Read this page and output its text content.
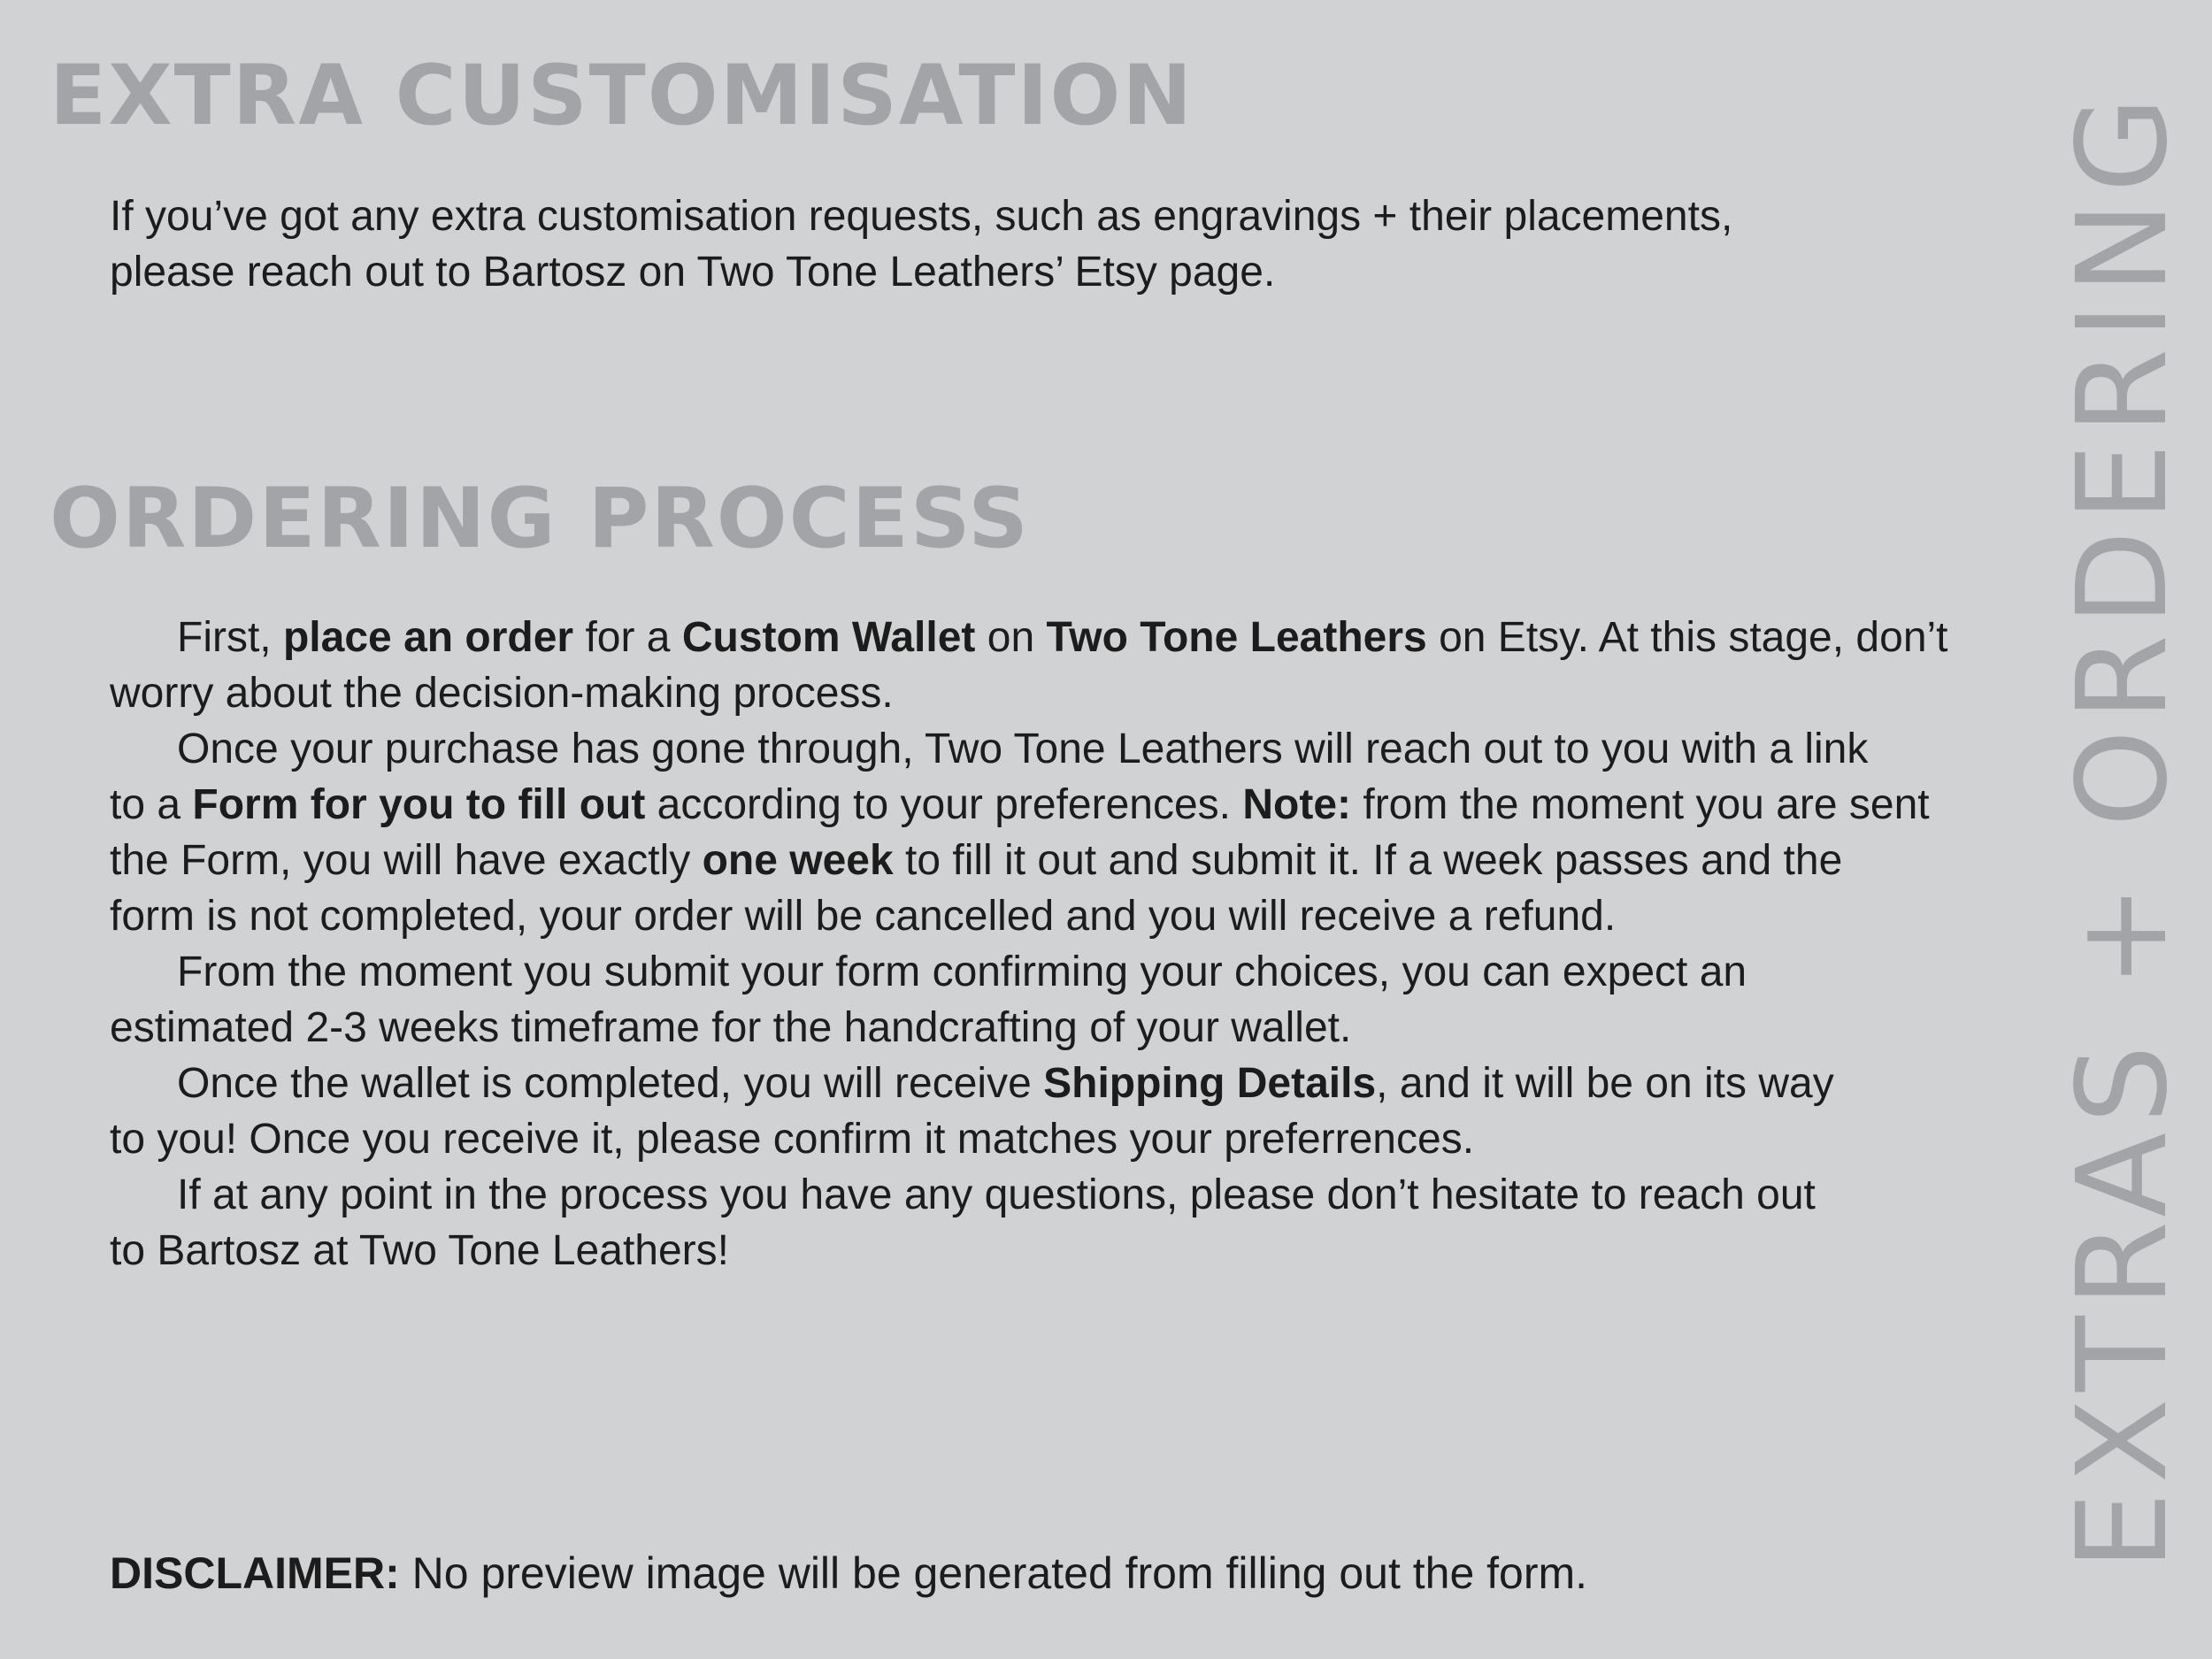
EXTRA CUSTOMISATION

If you’ve got any extra customisation requests, such as engravings + their placements,
please reach out to Bartosz on Two Tone Leathers’ Etsy page.

ORDERING PROCESS
First, place an order for a Custom Wallet on Two Tone Leathers on Etsy. At this stage, don’t
worry about the decision-making process.
Once your purchase has gone through, Two Tone Leathers will reach out to you with a link
to a Form for you to fill out according to your preferences. Note: from the moment you are sent
the Form, you will have exactly one week to fill it out and submit it. If a week passes and the
form is not completed, your order will be cancelled and you will receive a refund.
From the moment you submit your form confirming your choices, you can expect an
estimated 2-3 weeks timeframe for the handcrafting of your wallet.
Once the wallet is completed, you will receive Shipping Details, and it will be on its way
to you! Once you receive it, please confirm it matches your preferrences.
If at any point in the process you have any questions, please don’t hesitate to reach out
to Bartosz at Two Tone Leathers!

DISCLAIMER: No preview image will be generated from filling out the form.

EXTRAS + ORDERING
